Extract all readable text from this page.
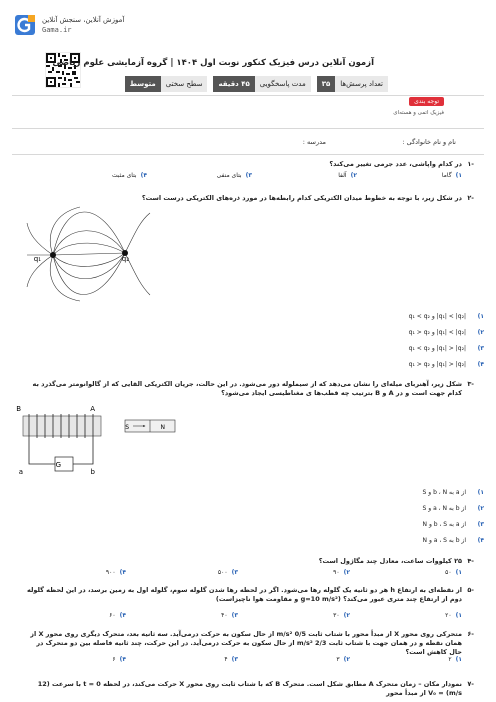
آموزش آنلاین، سنجش آنلاین
Gama.ir
آزمون آنلاین درس فیزیک کنکور نوبت اول ۱۴۰۴ | گروه آزمایشی علوم ریاضی
تعداد پرسش‌ها
۳۵
مدت پاسخگویی
۴۵ دقیقه
سطح سختی
متوسط
توجه بندی
فیزیک اتمی و هسته‌ای
نام و نام خانوادگی :
مدرسه :
-۱
در کدام واپاشی، عدد جرمی تغییر می‌کند؟
۱)
گاما
۲)
آلفا
۳)
بتای منفی
۴)
بتای مثبت
-۲
در شکل زیر، با توجه به خطوط میدان الکتریکی کدام رابطه‌ها در مورد ذره‌های الکتریکی درست است؟
q₁	q₂
۱)
q₁ < q₂ و |q₁| < |q₂|
۲)
q₁ > q₂ و |q₁| < |q₂|
۳)
q₁ < q₂ و |q₁| > |q₂|
۴)
q₁ > q₂ و |q₁| > |q₂|
-۳
شکل زیر، آهنربای میله‌ای را نشان می‌دهد که از سیملوله دور می‌شود. در این حالت، جریان الکتریکی القایی که از گالوانومتر می‌گذرد به کدام جهت است و در A و B بترتیب چه قطب‌ها ی مغناطیسی ایجاد می‌شود؟
G
B	A
a	b
S	N
۱)
از a به b ، N و S
۲)
از b به a ، N و S
۳)
از a به b ، S و N
۴)
از b به a ، S و N
-۴
۲۵ کیلووات ساعت، معادل چند مگاژول است؟
۱)
۵۰
۲)
۹۰
۳)
۵۰۰
۴)
۹۰۰
-۵
از نقطه‌ای به ارتفاع h هر دو ثانیه یک گلوله رها می‌شود. اگر در لحظه رها شدن گلوله سوم، گلوله اول به زمین برسد، در این لحظه گلوله دوم از ارتفاع چند متری عبور می‌کند؟ (g=10 m/s² و مقاومت هوا ناچیزاست)
۱)
۲۰
۲)
۳۰
۳)
۴۰
۴)
۶۰
-۶
متحرکی روی محور X از مبدأ محور با شتاب ثابت 0/5 m/s² از حال سکون به حرکت درمی‌آید. سه ثانیه بعد، متحرک دیگری روی محور X از همان نقطه و در همان جهت با شتاب ثابت 2/3 m/s² از حال سکون به حرکت درمی‌آید. در این حرکت، چند ثانیه فاصله بین دو متحرک در حال کاهش است؟
۱)
۲
۲)
۳
۳)
۴
۴)
۶
-۷
نمودار مکان – زمان متحرک A مطابق شکل است. متحرک B که با شتاب ثابت روی محور X حرکت می‌کند، در لحظه t = 0 با سرعت (12 m/s) = V₀ از مبدأ محور
